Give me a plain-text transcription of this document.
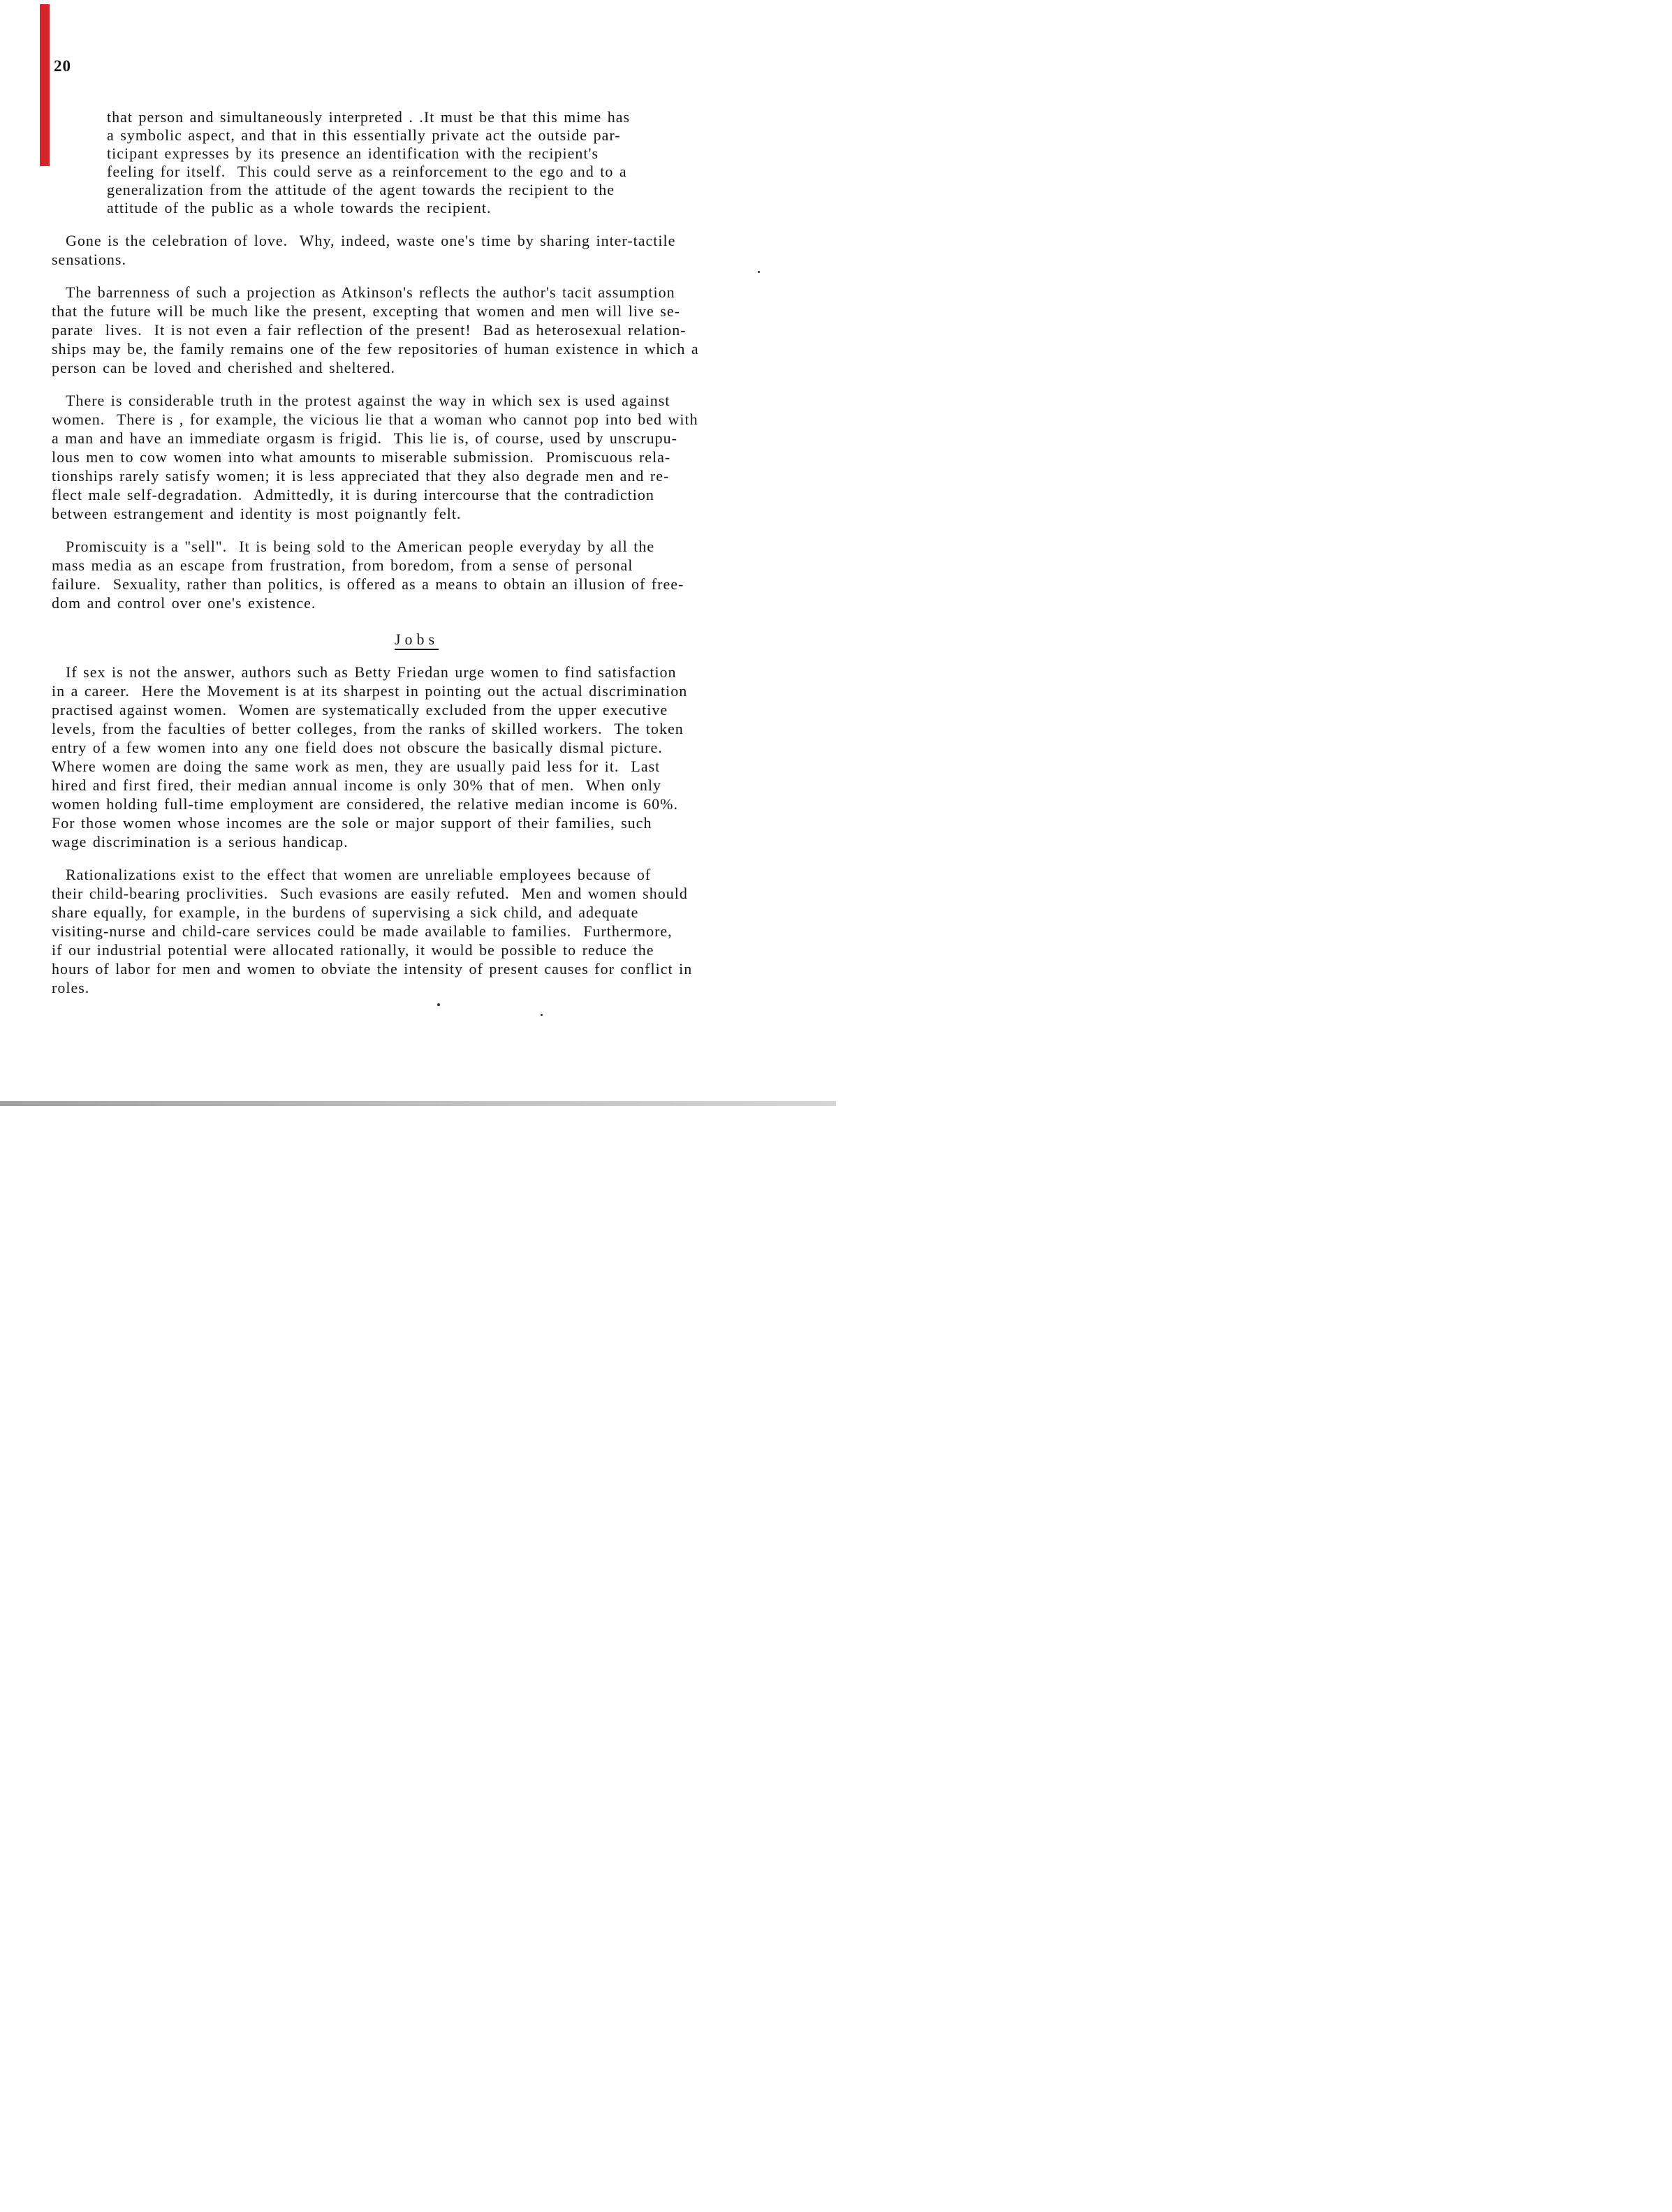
20
that person and simultaneously interpreted . .It must be that this mime has
a symbolic aspect, and that in this essentially private act the outside par-
ticipant expresses by its presence an identification with the recipient's
feeling for itself.  This could serve as a reinforcement to the ego and to a
generalization from the attitude of the agent towards the recipient to the
attitude of the public as a whole towards the recipient.
Gone is the celebration of love.  Why, indeed, waste one's time by sharing inter-tactile
sensations.
The barrenness of such a projection as Atkinson's reflects the author's tacit assumption
that the future will be much like the present, excepting that women and men will live se-
parate  lives.  It is not even a fair reflection of the present!  Bad as heterosexual relation-
ships may be, the family remains one of the few repositories of human existence in which a
person can be loved and cherished and sheltered.
There is considerable truth in the protest against the way in which sex is used against
women.  There is , for example, the vicious lie that a woman who cannot pop into bed with
a man and have an immediate orgasm is frigid.  This lie is, of course, used by unscrupu-
lous men to cow women into what amounts to miserable submission.  Promiscuous rela-
tionships rarely satisfy women; it is less appreciated that they also degrade men and re-
flect male self-degradation.  Admittedly, it is during intercourse that the contradiction
between estrangement and identity is most poignantly felt.
Promiscuity is a "sell".  It is being sold to the American people everyday by all the
mass media as an escape from frustration, from boredom, from a sense of personal
failure.  Sexuality, rather than politics, is offered as a means to obtain an illusion of free-
dom and control over one's existence.
Jobs
If sex is not the answer, authors such as Betty Friedan urge women to find satisfaction
in a career.  Here the Movement is at its sharpest in pointing out the actual discrimination
practised against women.  Women are systematically excluded from the upper executive
levels, from the faculties of better colleges, from the ranks of skilled workers.  The token
entry of a few women into any one field does not obscure the basically dismal picture.
Where women are doing the same work as men, they are usually paid less for it.  Last
hired and first fired, their median annual income is only 30% that of men.  When only
women holding full-time employment are considered, the relative median income is 60%.
For those women whose incomes are the sole or major support of their families, such
wage discrimination is a serious handicap.
Rationalizations exist to the effect that women are unreliable employees because of
their child-bearing proclivities.  Such evasions are easily refuted.  Men and women should
share equally, for example, in the burdens of supervising a sick child, and adequate
visiting-nurse and child-care services could be made available to families.  Furthermore,
if our industrial potential were allocated rationally, it would be possible to reduce the
hours of labor for men and women to obviate the intensity of present causes for conflict in
roles.
